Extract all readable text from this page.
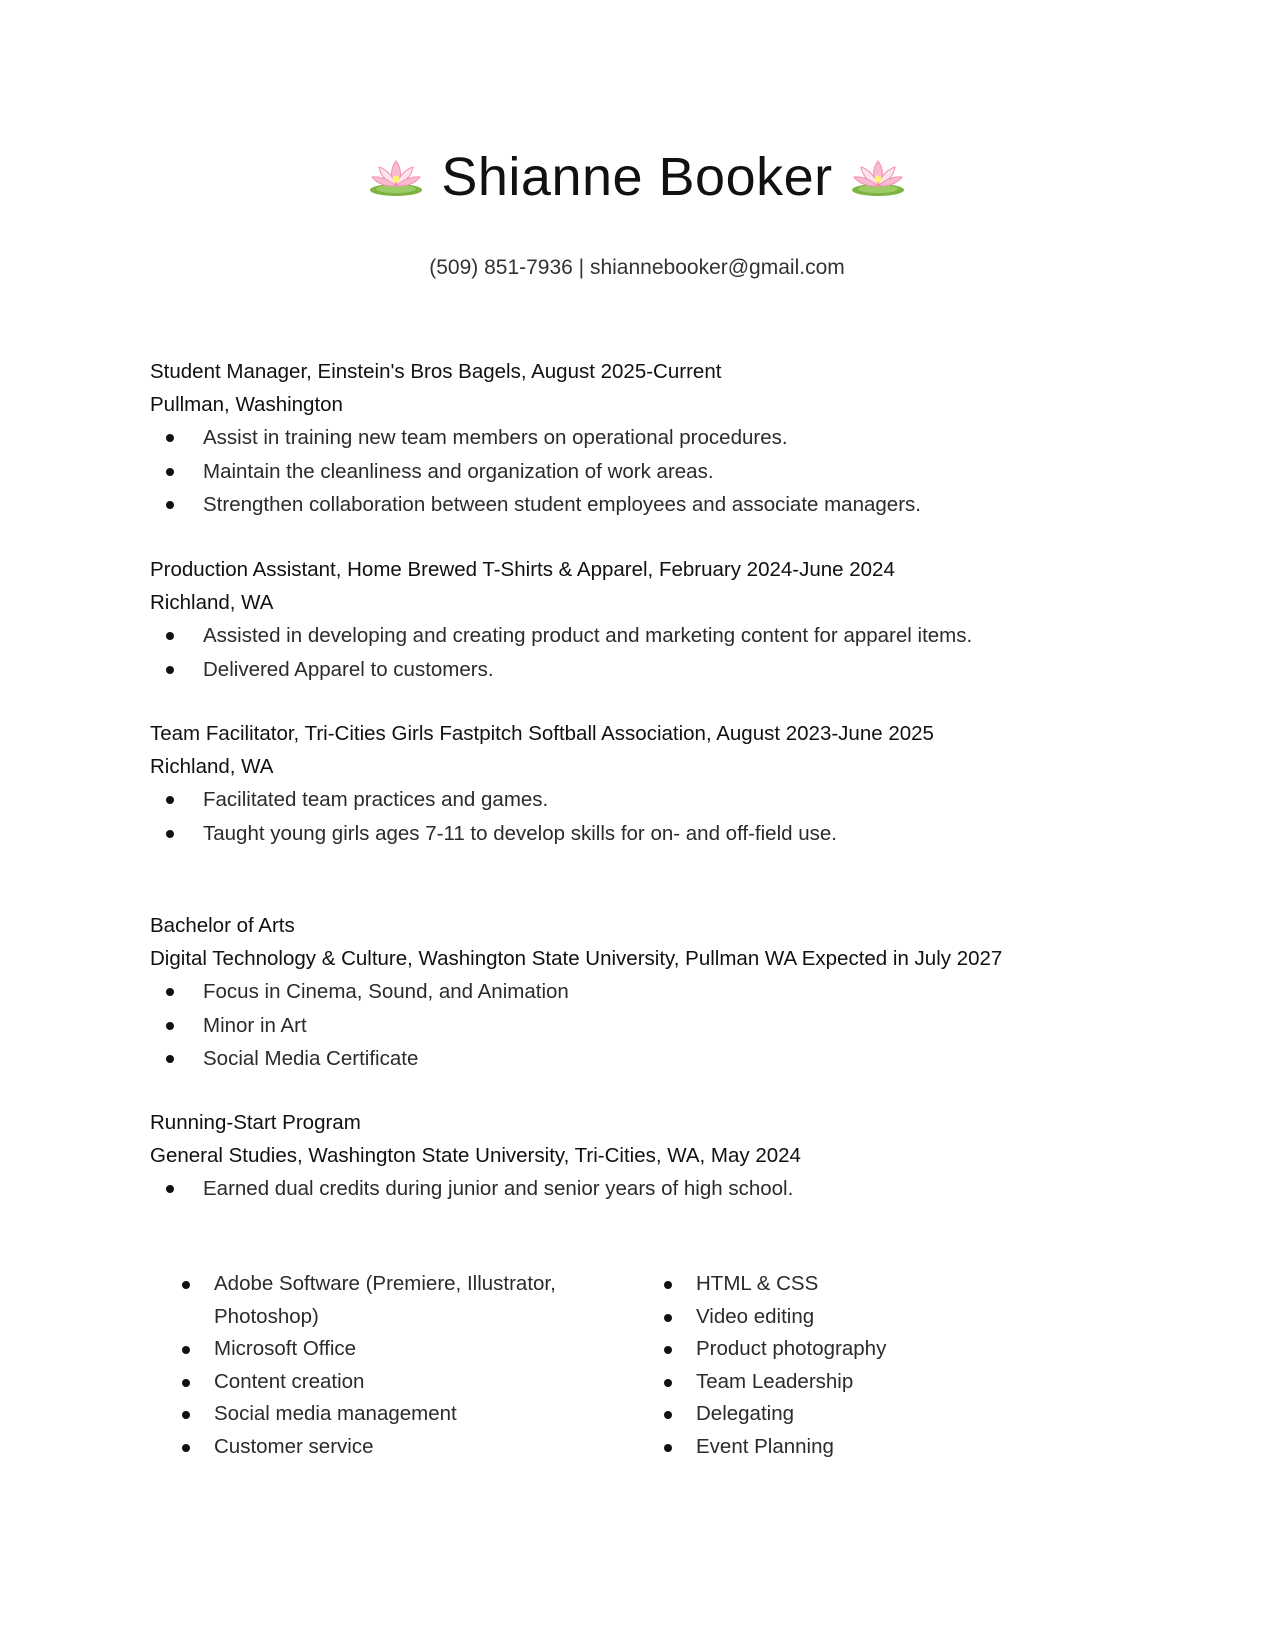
Shianne Booker
(509) 851-7936 | shiannebooker@gmail.com
Student Manager, Einstein's Bros Bagels, August 2025-Current
Pullman, Washington
Assist in training new team members on operational procedures.
Maintain the cleanliness and organization of work areas.
Strengthen collaboration between student employees and associate managers.
Production Assistant, Home Brewed T-Shirts & Apparel, February 2024-June 2024
Richland, WA
Assisted in developing and creating product and marketing content for apparel items.
Delivered Apparel to customers.
Team Facilitator, Tri-Cities Girls Fastpitch Softball Association, August 2023-June 2025
Richland, WA
Facilitated team practices and games.
Taught young girls ages 7-11 to develop skills for on- and off-field use.
Bachelor of Arts
Digital Technology & Culture, Washington State University, Pullman WA Expected in July 2027
Focus in Cinema, Sound, and Animation
Minor in Art
Social Media Certificate
Running-Start Program
General Studies, Washington State University, Tri-Cities, WA, May 2024
Earned dual credits during junior and senior years of high school.
Adobe Software (Premiere, Illustrator, Photoshop)
Microsoft Office
Content creation
Social media management
Customer service
HTML & CSS
Video editing
Product photography
Team Leadership
Delegating
Event Planning
